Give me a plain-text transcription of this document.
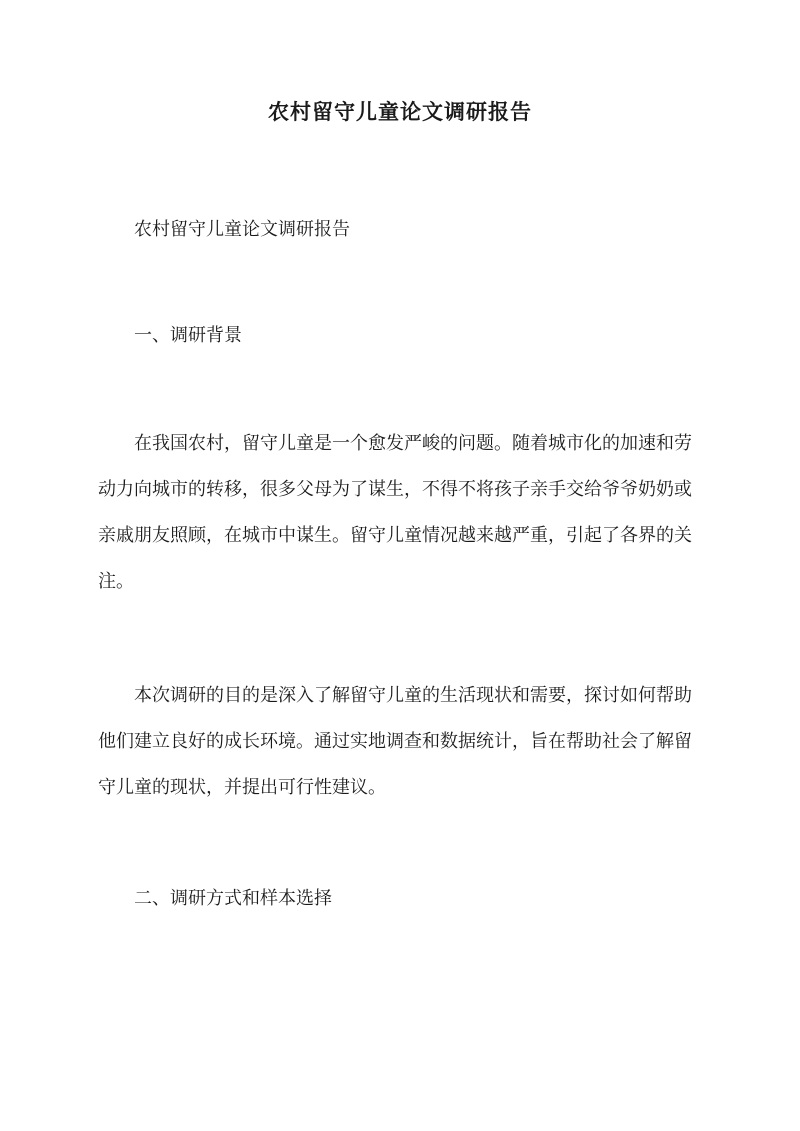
农村留守儿童论文调研报告

农村留守儿童论文调研报告

一、调研背景

在我国农村，留守儿童是一个愈发严峻的问题。随着城市化的加速和劳动力向城市的转移，很多父母为了谋生，不得不将孩子亲手交给爷爷奶奶或亲戚朋友照顾，在城市中谋生。留守儿童情况越来越严重，引起了各界的关注。

本次调研的目的是深入了解留守儿童的生活现状和需要，探讨如何帮助他们建立良好的成长环境。通过实地调查和数据统计，旨在帮助社会了解留守儿童的现状，并提出可行性建议。

二、调研方式和样本选择
